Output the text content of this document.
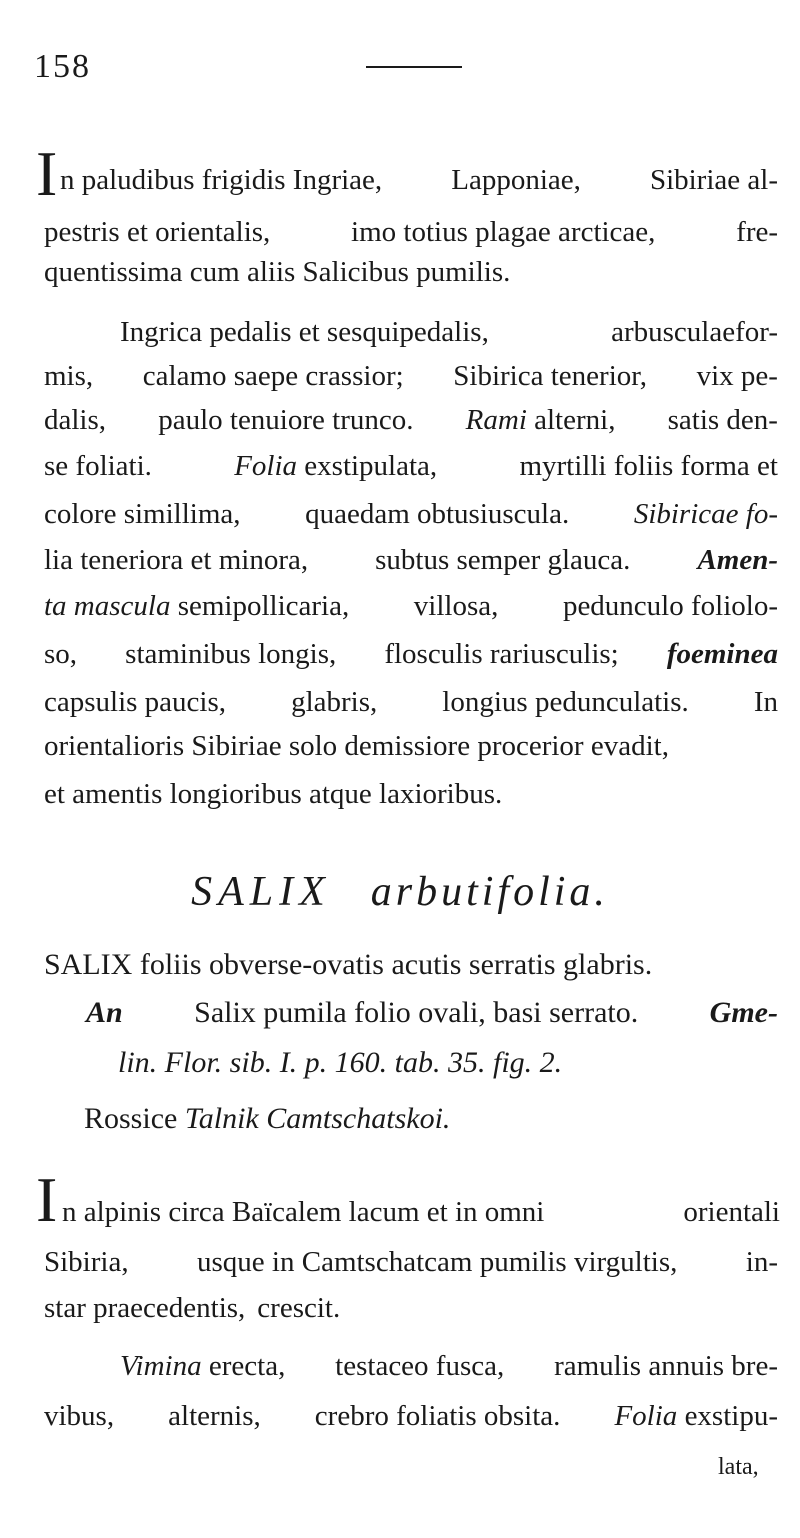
158
I n paludibus frigidis Ingriae, Lapponiae, Sibiriae al-
pestris et orientalis,	imo totius plagae arcticae,	fre-
quentissima cum aliis Salicibus pumilis.
Ingrica pedalis et sesquipedalis,	arbusculaefor-
mis, calamo saepe crassior; Sibirica tenerior, vix pe-
dalis, paulo tenuiore trunco. Rami alterni, satis den-
se foliati.	Folia exstipulata,	myrtilli foliis forma et
colore simillima, quaedam obtusiuscula. Sibiricae fo-
lia teneriora et minora, subtus semper glauca. Amen-
ta mascula semipollicaria, villosa, pedunculo foliolo-
so, staminibus longis, flosculis rariusculis; foeminea
capsulis paucis, glabris, longius pedunculatis. In
orientalioris Sibiriae solo demissiore procerior evadit,
et amentis longioribus atque laxioribus.
SALIX arbutifolia.
SALIX foliis obverse-ovatis acutis serratis glabris.
An Salix pumila folio ovali, basi serrato. Gme-
lin. Flor. sib. I. p. 160. tab. 35. fig. 2.
Rossice Talnik Camtschatskoi.
I n alpinis circa Baïcalem lacum et in omni	orientali
Sibiria, usque in Camtschatcam pumilis virgultis, in-
star praecedentis, crescit.
Vimina erecta, testaceo fusca, ramulis annuis bre-
vibus, alternis, crebro foliatis obsita. Folia exstipu-
lata,
